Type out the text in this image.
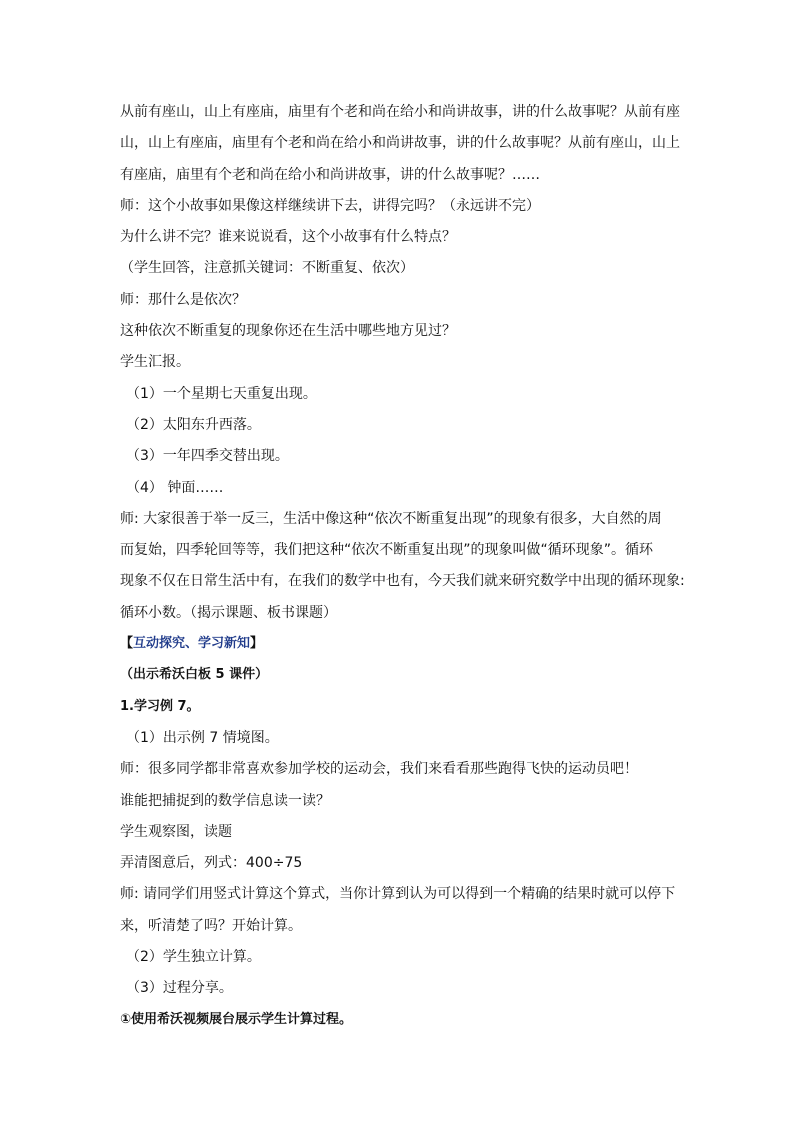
从前有座山，山上有座庙，庙里有个老和尚在给小和尚讲故事，讲的什么故事呢？从前有座
山，山上有座庙，庙里有个老和尚在给小和尚讲故事，讲的什么故事呢？从前有座山，山上
有座庙，庙里有个老和尚在给小和尚讲故事，讲的什么故事呢？……
师：这个小故事如果像这样继续讲下去，讲得完吗？（永远讲不完）
为什么讲不完？谁来说说看，这个小故事有什么特点？
（学生回答，注意抓关键词：不断重复、依次）
师：那什么是依次？
这种依次不断重复的现象你还在生活中哪些地方见过？
学生汇报。
（1）一个星期七天重复出现。
（2）太阳东升西落。
（3）一年四季交替出现。
（4） 钟面……
师: 大家很善于举一反三，生活中像这种“依次不断重复出现”的现象有很多，大自然的周
而复始，四季轮回等等，我们把这种“依次不断重复出现”的现象叫做“循环现象”。循环
现象不仅在日常生活中有，在我们的数学中也有，今天我们就来研究数学中出现的循环现象:
循环小数。（揭示课题、板书课题）
【互动探究、学习新知】
（出示希沃白板 5 课件）
1.学习例 7。
（1）出示例 7 情境图。
师：很多同学都非常喜欢参加学校的运动会，我们来看看那些跑得飞快的运动员吧！
谁能把捕捉到的数学信息读一读？
学生观察图，读题
弄清图意后，列式：400÷75
师: 请同学们用竖式计算这个算式，当你计算到认为可以得到一个精确的结果时就可以停下
来，听清楚了吗？开始计算。
（2）学生独立计算。
（3）过程分享。
①使用希沃视频展台展示学生计算过程。
